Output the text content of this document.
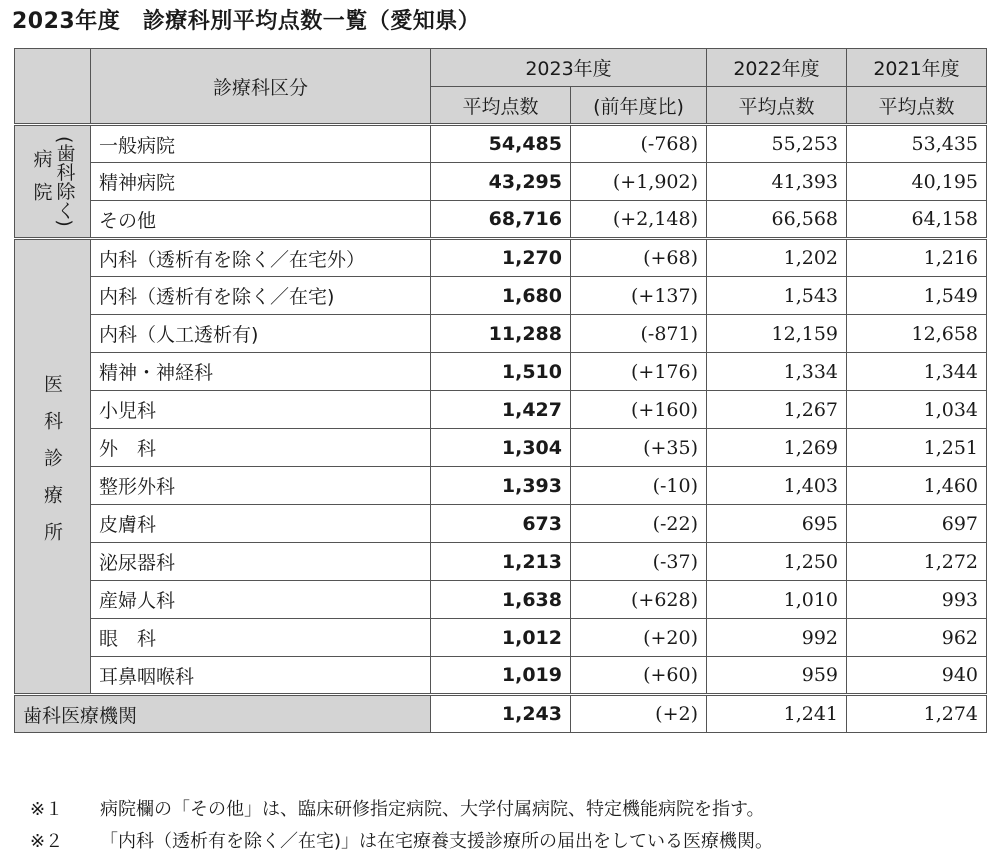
2023年度　診療科別平均点数一覧（愛知県）
	診療科区分	2023年度		2022年度	2021年度
		平均点数	(前年度比)	平均点数	平均点数

病院 (歯科除く)	一般病院	54,485	(-768)	55,253	53,435
	精神病院	43,295	(+1,902)	41,393	40,195
	その他	68,716	(+2,148)	66,568	64,158

医科診療所	内科（透析有を除く／在宅外）	1,270	(+68)	1,202	1,216
	内科（透析有を除く／在宅)	1,680	(+137)	1,543	1,549
	内科（人工透析有)	11,288	(-871)	12,159	12,658
	精神・神経科	1,510	(+176)	1,334	1,344
	小児科	1,427	(+160)	1,267	1,034
	外　科	1,304	(+35)	1,269	1,251
	整形外科	1,393	(-10)	1,403	1,460
	皮膚科	673	(-22)	695	697
	泌尿器科	1,213	(-37)	1,250	1,272
	産婦人科	1,638	(+628)	1,010	993
	眼　科	1,012	(+20)	992	962
	耳鼻咽喉科	1,019	(+60)	959	940
歯科医療機関		1,243	(+2)	1,241	1,274
※１ 病院欄の「その他」は、臨床研修指定病院、大学付属病院、特定機能病院を指す。
※２ 「内科（透析有を除く／在宅)」は在宅療養支援診療所の届出をしている医療機関。
